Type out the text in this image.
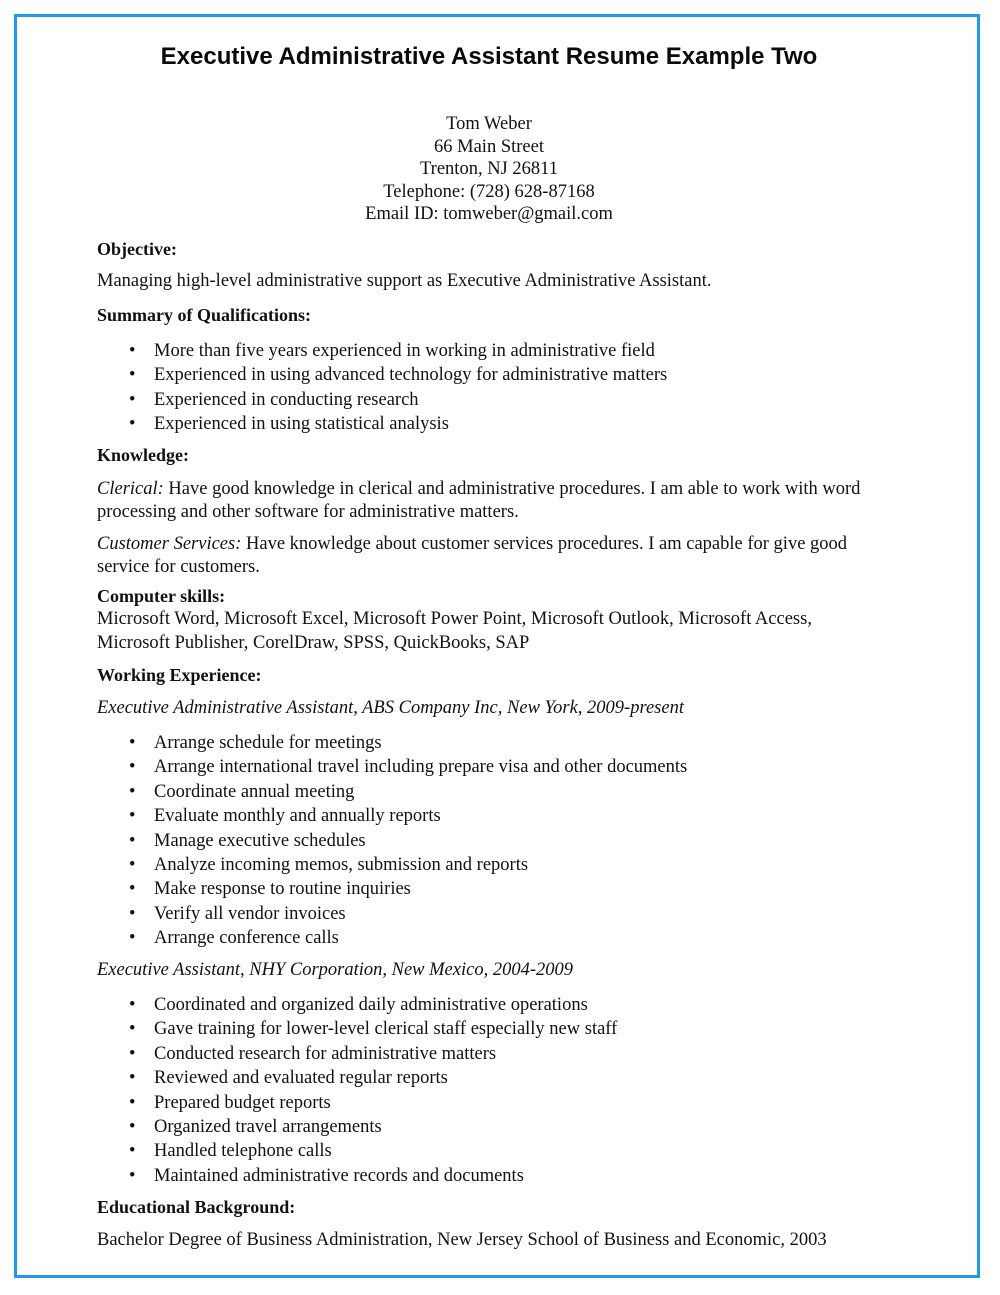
Executive Administrative Assistant Resume Example Two
Tom Weber
66 Main Street
Trenton, NJ 26811
Telephone: (728) 628-87168
Email ID: tomweber@gmail.com
Objective:
Managing high-level administrative support as Executive Administrative Assistant.
Summary of Qualifications:
• More than five years experienced in working in administrative field
• Experienced in using advanced technology for administrative matters
• Experienced in conducting research
• Experienced in using statistical analysis
Knowledge:
Clerical: Have good knowledge in clerical and administrative procedures. I am able to work with word processing and other software for administrative matters.
Customer Services: Have knowledge about customer services procedures. I am capable for give good service for customers.
Computer skills:
Microsoft Word, Microsoft Excel, Microsoft Power Point, Microsoft Outlook, Microsoft Access,
Microsoft Publisher, CorelDraw, SPSS, QuickBooks, SAP
Working Experience:
Executive Administrative Assistant, ABS Company Inc, New York, 2009-present
• Arrange schedule for meetings
• Arrange international travel including prepare visa and other documents
• Coordinate annual meeting
• Evaluate monthly and annually reports
• Manage executive schedules
• Analyze incoming memos, submission and reports
• Make response to routine inquiries
• Verify all vendor invoices
• Arrange conference calls
Executive Assistant, NHY Corporation, New Mexico, 2004-2009
• Coordinated and organized daily administrative operations
• Gave training for lower-level clerical staff especially new staff
• Conducted research for administrative matters
• Reviewed and evaluated regular reports
• Prepared budget reports
• Organized travel arrangements
• Handled telephone calls
• Maintained administrative records and documents
Educational Background:
Bachelor Degree of Business Administration, New Jersey School of Business and Economic, 2003
